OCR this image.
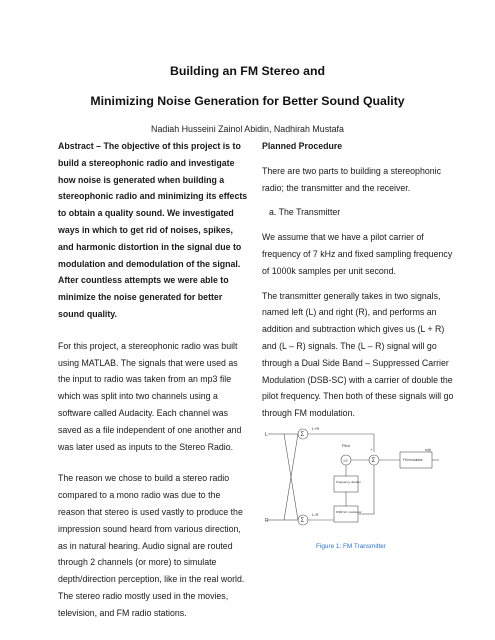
Building an FM Stereo and
Minimizing Noise Generation for Better Sound Quality
Nadiah Husseini Zainol Abidin, Nadhirah Mustafa

Abstract – The objective of this project is to build a stereophonic radio and investigate how noise is generated when building a stereophonic radio and minimizing its effects to obtain a quality sound. We investigated ways in which to get rid of noises, spikes, and harmonic distortion in the signal due to modulation and demodulation of the signal. After countless attempts we were able to minimize the noise generated for better sound quality.

For this project, a stereophonic radio was built using MATLAB. The signals that were used as the input to radio was taken from an mp3 file which was split into two channels using a software called Audacity. Each channel was saved as a file independent of one another and was later used as inputs to the Stereo Radio.

The reason we chose to build a stereo radio compared to a mono radio was due to the reason that stereo is used vastly to produce the impression sound heard from various direction, as in natural hearing. Audio signal are routed through 2 channels (or more) to simulate depth/direction perception, like in the real world. The stereo radio mostly used in the movies, television, and FM radio stations.

Planned Procedure

There are two parts to building a stereophonic radio; the transmitter and the receiver.

a. The Transmitter

We assume that we have a pilot carrier of frequency of 7 kHz and fixed sampling frequency of 1000k samples per unit second.

The transmitter generally takes in two signals, named left (L) and right (R), and performs an addition and subtraction which gives us (L + R) and (L – R) signals. The (L – R) signal will go through a Dual Side Band – Suppressed Carrier Modulation (DSB-SC) with a carrier of double the pilot frequency. Then both of these signals will go through FM modulation.

L
R
Σ
Σ
L+R
Pilot
×2	Σ
+
Frequency doubler
DSB-SC modulator
L-R
FM modulator
m(t)
Figure 1: FM Transmitter
